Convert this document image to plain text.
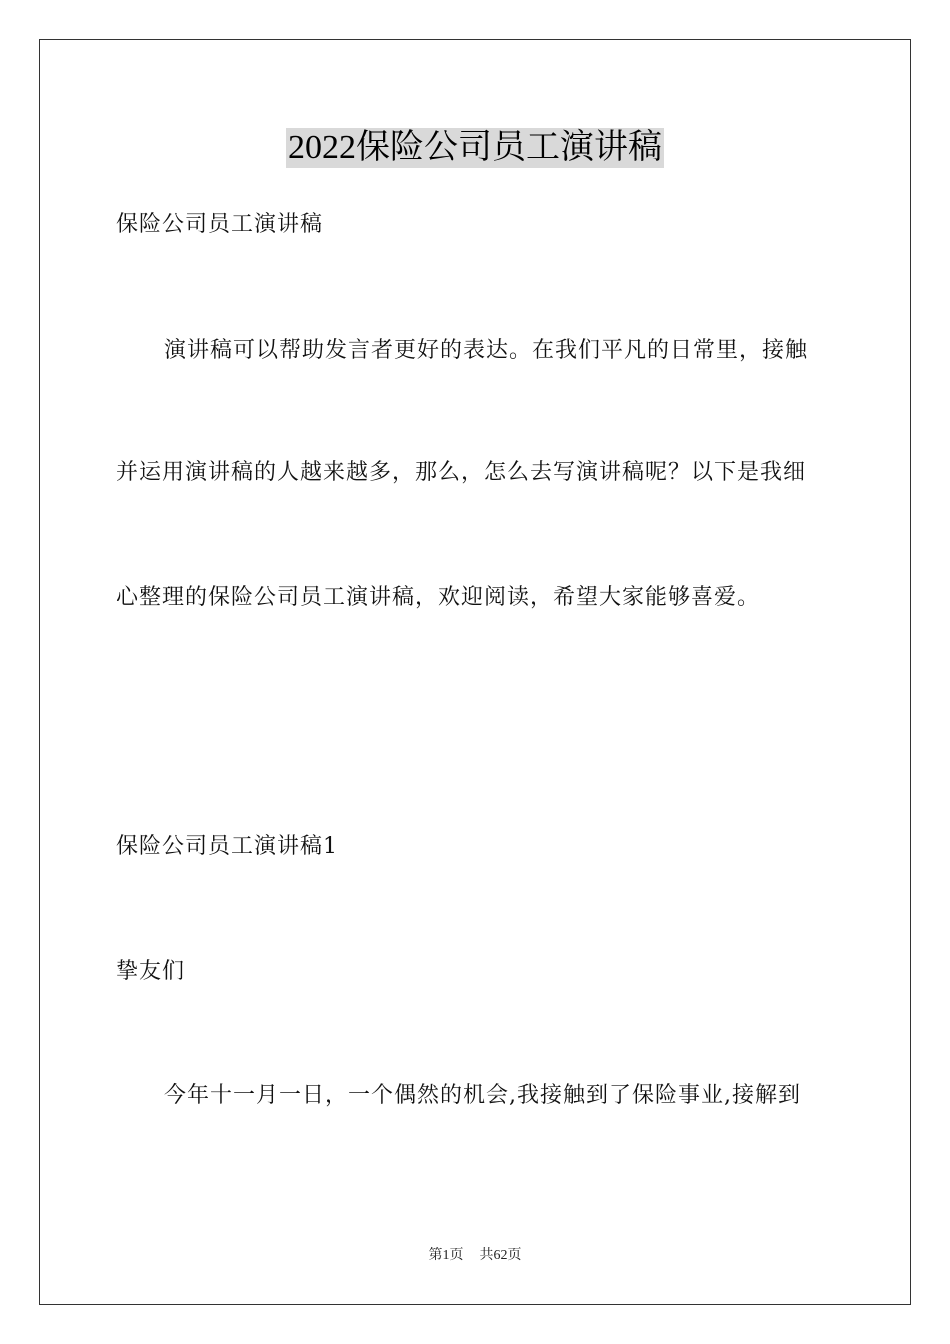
2022保险公司员工演讲稿
保险公司员工演讲稿
演讲稿可以帮助发言者更好的表达。在我们平凡的日常里，接触
并运用演讲稿的人越来越多，那么，怎么去写演讲稿呢？以下是我细
心整理的保险公司员工演讲稿，欢迎阅读，希望大家能够喜爱。
保险公司员工演讲稿1
挚友们
今年十一月一日，一个偶然的机会,我接触到了保险事业,接解到
第1页 共62页
